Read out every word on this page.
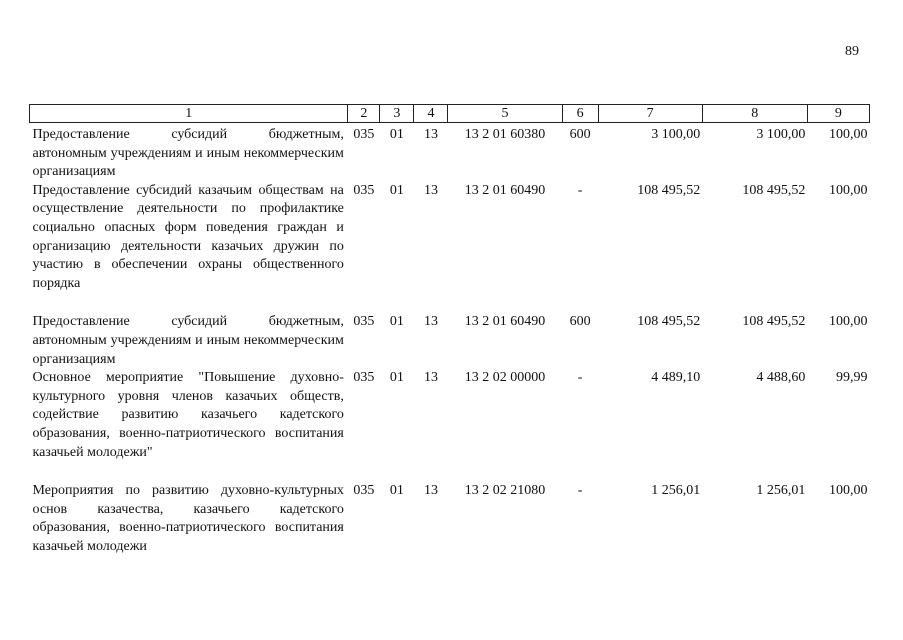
89
1	2	3	4	5	6	7	8	9
Предоставление субсидий бюджетным, автономным учреждениям и иным некоммерческим организациям	035	01	13	13 2 01 60380	600	3 100,00	3 100,00	100,00
Предоставление субсидий казачьим обществам на осуществление деятельности по профилактике социально опасных форм поведения граждан и организацию деятельности казачьих дружин по участию в обеспечении охраны общественного порядка	035	01	13	13 2 01 60490	-	108 495,52	108 495,52	100,00
Предоставление субсидий бюджетным, автономным учреждениям и иным некоммерческим организациям	035	01	13	13 2 01 60490	600	108 495,52	108 495,52	100,00
Основное мероприятие "Повышение духовно-культурного уровня членов казачьих обществ, содействие развитию казачьего кадетского образования, военно-патриотического воспитания казачьей молодежи"	035	01	13	13 2 02 00000	-	4 489,10	4 488,60	99,99
Мероприятия по развитию духовно-культурных основ казачества, казачьего кадетского образования, военно-патриотического воспитания казачьей молодежи	035	01	13	13 2 02 21080	-	1 256,01	1 256,01	100,00
